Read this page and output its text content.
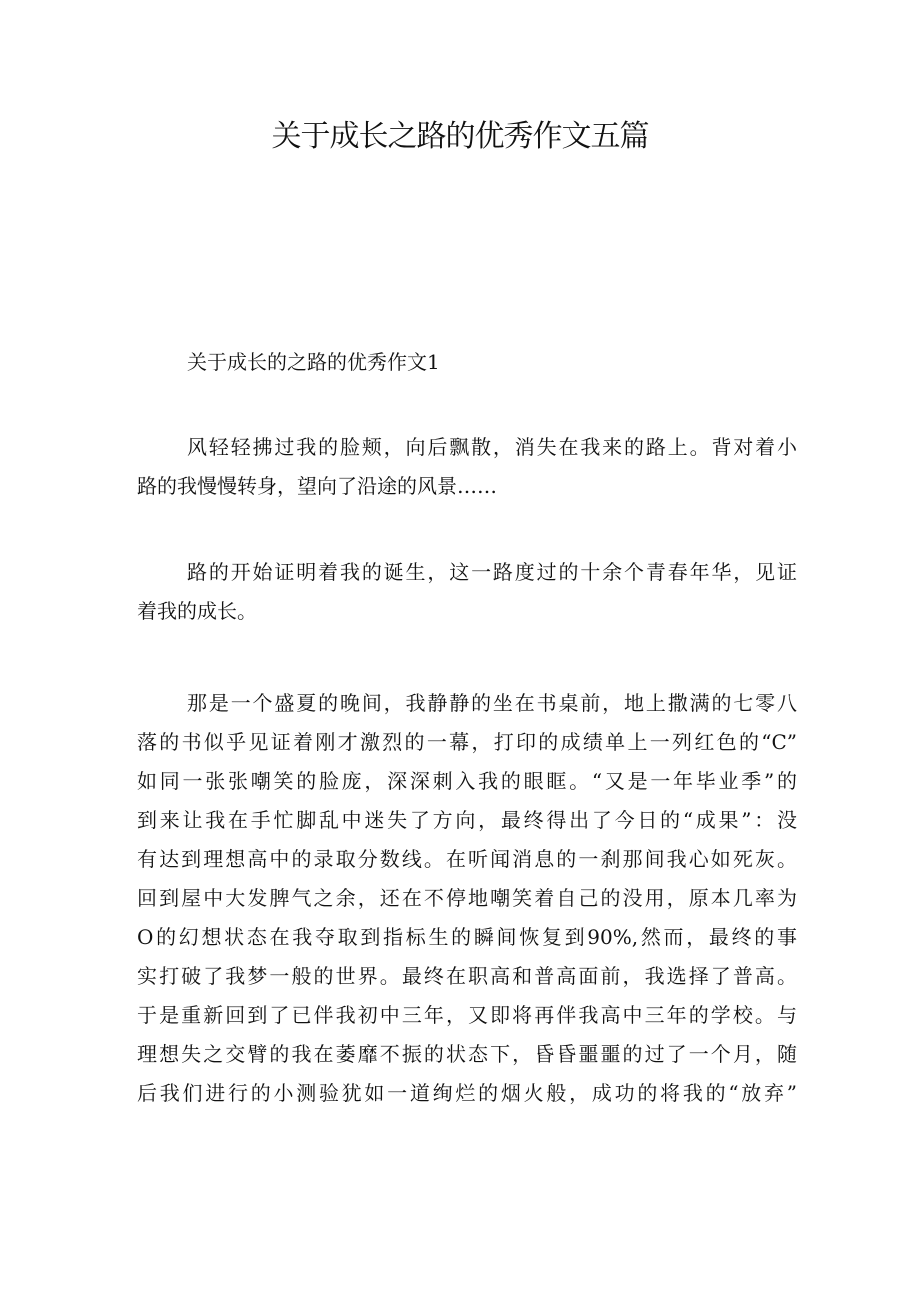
关于成长之路的优秀作文五篇
关于成长的之路的优秀作文1

风轻轻拂过我的脸颊，向后飘散，消失在我来的路上。背对着小
路的我慢慢转身，望向了沿途的风景……

路的开始证明着我的诞生，这一路度过的十余个青春年华，见证
着我的成长。

那是一个盛夏的晚间，我静静的坐在书桌前，地上撒满的七零八
落的书似乎见证着刚才激烈的一幕，打印的成绩单上一列红色的“C”
如同一张张嘲笑的脸庞，深深刺入我的眼眶。“又是一年毕业季”的
到来让我在手忙脚乱中迷失了方向，最终得出了今日的“成果”：没
有达到理想高中的录取分数线。在听闻消息的一刹那间我心如死灰。
回到屋中大发脾气之余，还在不停地嘲笑着自己的没用，原本几率为
O的幻想状态在我夺取到指标生的瞬间恢复到90%,然而，最终的事
实打破了我梦一般的世界。最终在职高和普高面前，我选择了普高。
于是重新回到了已伴我初中三年，又即将再伴我高中三年的学校。与
理想失之交臂的我在萎靡不振的状态下，昏昏噩噩的过了一个月，随
后我们进行的小测验犹如一道绚烂的烟火般，成功的将我的“放弃”
